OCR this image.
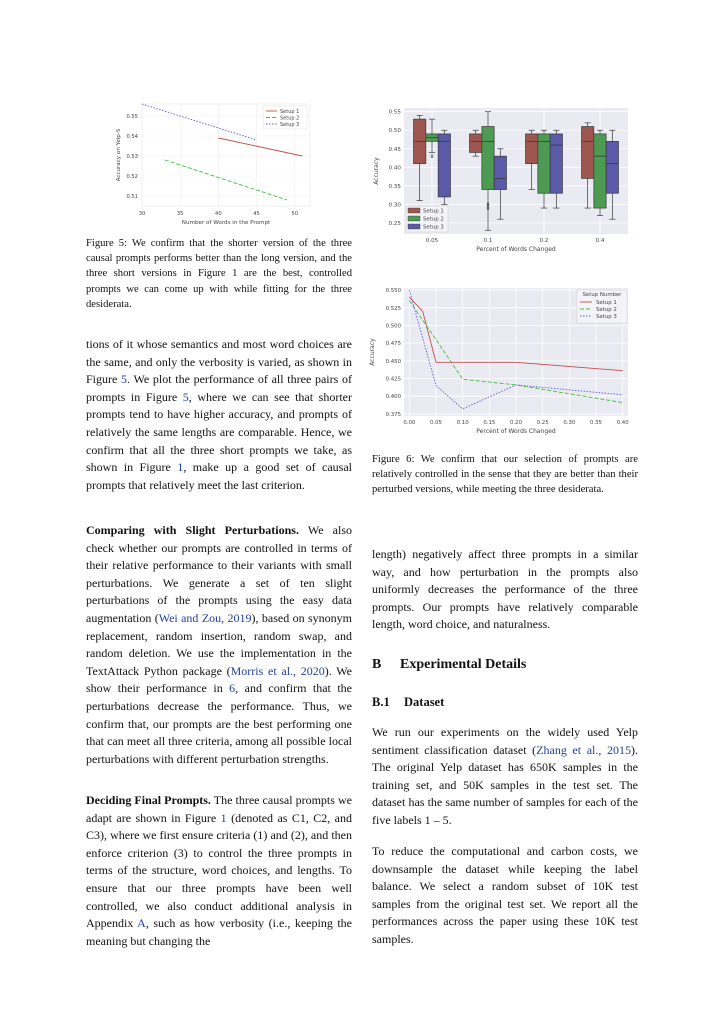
30	35	40	45	50
0.51
0.52
0.53
0.54
0.55
Number of Words in the Prompt
Accuracy on Yelp-5
Setup 1
Setup 2
Setup 3
Figure 5: We confirm that the shorter version of the three causal prompts performs better than the long version, and the three short versions in Figure 1 are the best, controlled prompts we can come up with while fitting for the three desiderata.
0.25
0.30
0.35
0.40
0.45
0.50
0.55
0.05	0.1	0.2	0.4
Percent of Words Changed
Accuracy
Setup 1
Setup 2
Setup 3
0.375
0.400
0.425
0.450
0.475
0.500
0.525
0.550
0.00	0.05	0.10	0.15	0.20	0.25	0.30	0.35	0.40
Percent of Words Changed
Accuracy
Setup Number
Setup 1
Setup 2
Setup 3
Figure 6: We confirm that our selection of prompts are relatively controlled in the sense that they are better than their perturbed versions, while meeting the three desiderata.

tions of it whose semantics and most word choices are the same, and only the verbosity is varied, as shown in Figure 5. We plot the performance of all three pairs of prompts in Figure 5, where we can see that shorter prompts tend to have higher accuracy, and prompts of relatively the same lengths are comparable. Hence, we confirm that all the three short prompts we take, as shown in Figure 1, make up a good set of causal prompts that relatively meet the last criterion.

Comparing with Slight Perturbations. We also check whether our prompts are controlled in terms of their relative performance to their variants with small perturbations. We generate a set of ten slight perturbations of the prompts using the easy data augmentation (Wei and Zou, 2019), based on synonym replacement, random insertion, random swap, and random deletion. We use the implementation in the TextAttack Python package (Morris et al., 2020). We show their performance in 6, and confirm that the perturbations decrease the performance. Thus, we confirm that, our prompts are the best performing one that can meet all three criteria, among all possible local perturbations with different perturbation strengths.

Deciding Final Prompts. The three causal prompts we adapt are shown in Figure 1 (denoted as C1, C2, and C3), where we first ensure criteria (1) and (2), and then enforce criterion (3) to control the three prompts in terms of the structure, word choices, and lengths. To ensure that our three prompts have been well controlled, we also conduct additional analysis in Appendix A, such as how verbosity (i.e., keeping the meaning but changing the

length) negatively affect three prompts in a similar way, and how perturbation in the prompts also uniformly decreases the performance of the three prompts. Our prompts have relatively comparable length, word choice, and naturalness.

B Experimental Details
B.1 Dataset

We run our experiments on the widely used Yelp sentiment classification dataset (Zhang et al., 2015). The original Yelp dataset has 650K samples in the training set, and 50K samples in the test set. The dataset has the same number of samples for each of the five labels 1 – 5.

To reduce the computational and carbon costs, we downsample the dataset while keeping the label balance. We select a random subset of 10K test samples from the original test set. We report all the performances across the paper using these 10K test samples.
